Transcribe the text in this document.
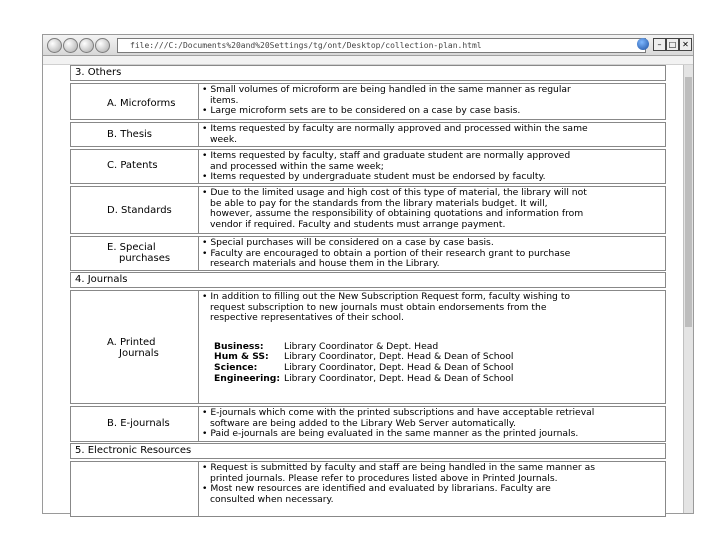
file:///C:/Documents%20and%20Settings/tg/ont/Desktop/collection-plan.html	– □ ✕
3. Others
A. Microforms
• Small volumes of microform are being handled in the same manner as regular
items.
• Large microform sets are to be considered on a case by case basis.
B. Thesis
• Items requested by faculty are normally approved and processed within the same
week.
C. Patents
• Items requested by faculty, staff and graduate student are normally approved
and processed within the same week;
• Items requested by undergraduate student must be endorsed by faculty.
D. Standards
• Due to the limited usage and high cost of this type of material, the library will not
be able to pay for the standards from the library materials budget. It will,
however, assume the responsibility of obtaining quotations and information from
vendor if required. Faculty and students must arrange payment.
E. Special
purchases
• Special purchases will be considered on a case by case basis.
• Faculty are encouraged to obtain a portion of their research grant to purchase
research materials and house them in the Library.
4. Journals
A. Printed
Journals
• In addition to filling out the New Subscription Request form, faculty wishing to
request subscription to new journals must obtain endorsements from the
respective representatives of their school.
Business:	Library Coordinator & Dept. Head
Hum & SS:	Library Coordinator, Dept. Head & Dean of School
Science:	Library Coordinator, Dept. Head & Dean of School
Engineering: Library Coordinator, Dept. Head & Dean of School
B. E-journals
• E-journals which come with the printed subscriptions and have acceptable retrieval
software are being added to the Library Web Server automatically.
• Paid e-journals are being evaluated in the same manner as the printed journals.
5. Electronic Resources
• Request is submitted by faculty and staff are being handled in the same manner as
printed journals. Please refer to procedures listed above in Printed Journals.
• Most new resources are identified and evaluated by librarians. Faculty are
consulted when necessary.
